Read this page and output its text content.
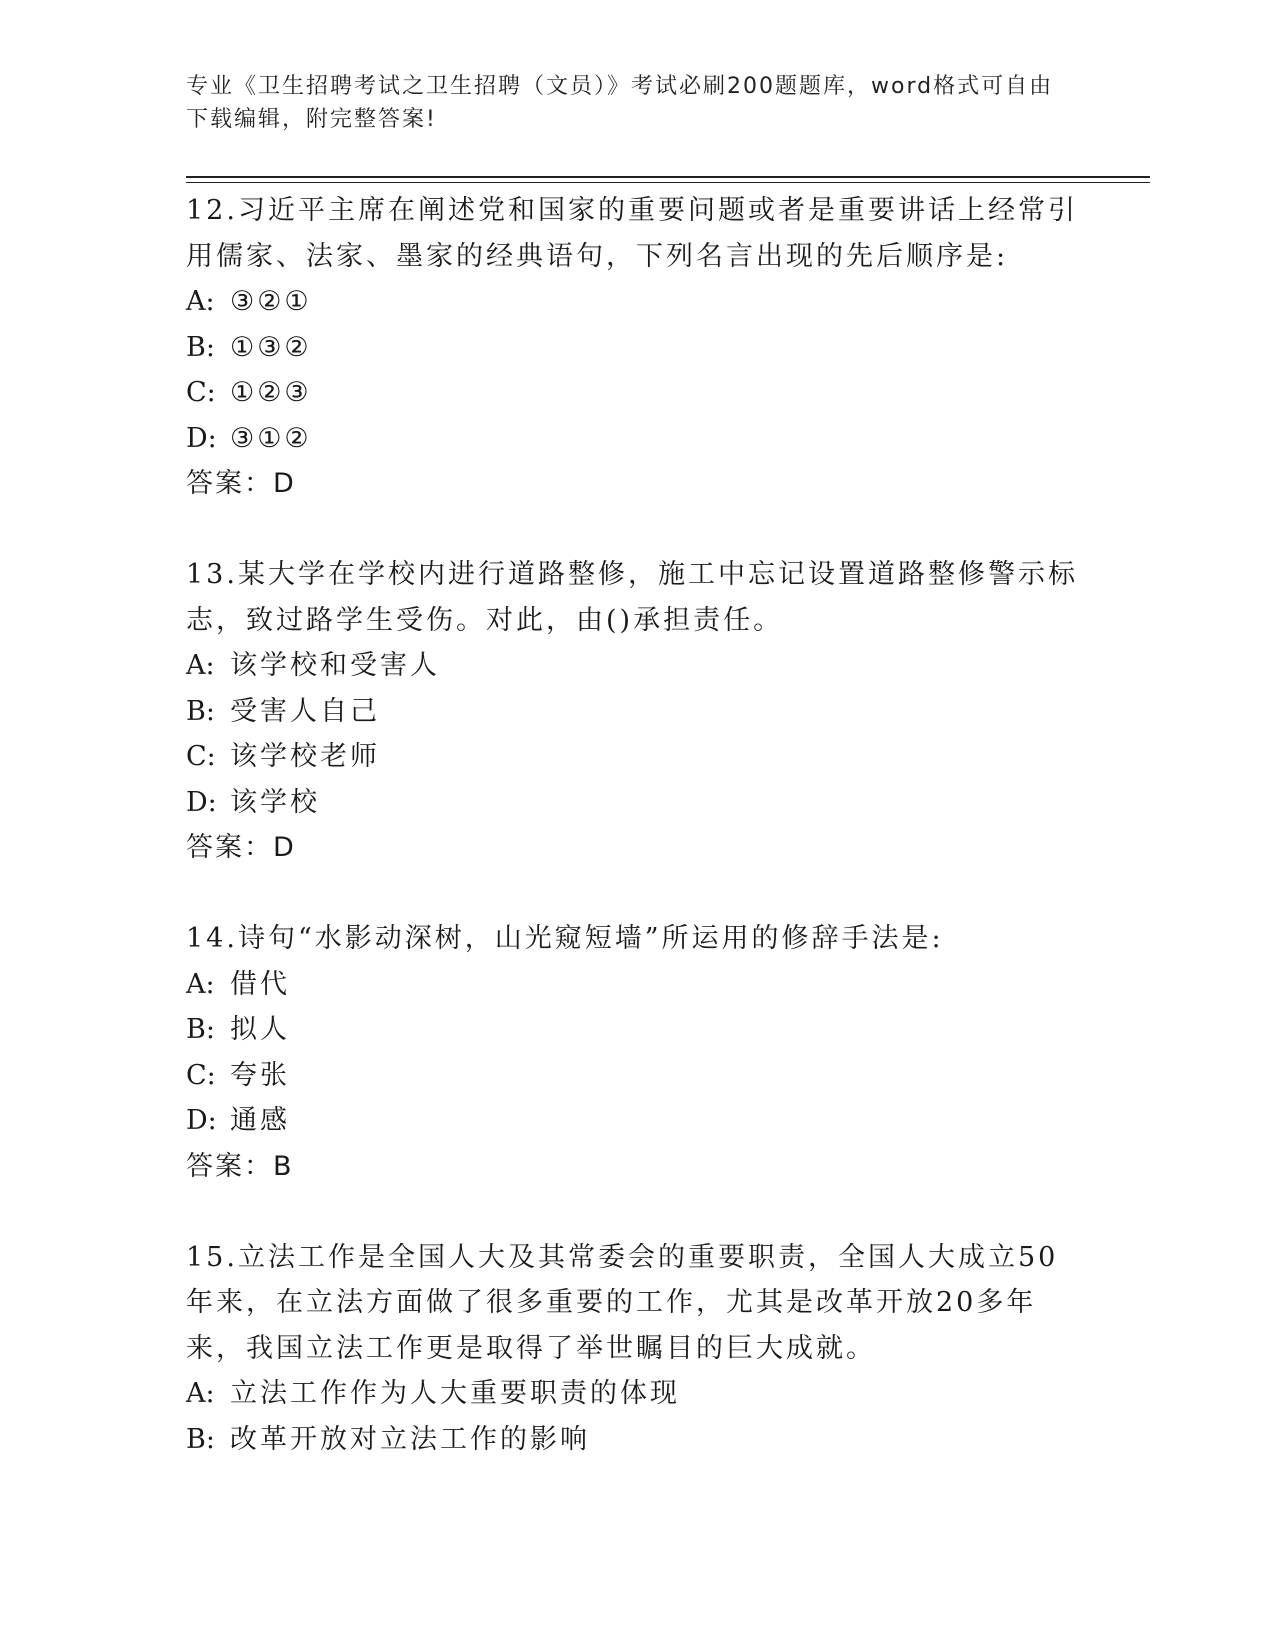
专业《卫生招聘考试之卫生招聘（文员）》考试必刷200题题库，word格式可自由下载编辑，附完整答案!

12.习近平主席在阐述党和国家的重要问题或者是重要讲话上经常引用儒家、法家、墨家的经典语句，下列名言出现的先后顺序是:

A: ③②①

B: ①③②

C: ①②③

D: ③①②

答案：D

13.某大学在学校内进行道路整修，施工中忘记设置道路整修警示标志，致过路学生受伤。对此，由()承担责任。

A: 该学校和受害人

B: 受害人自己

C: 该学校老师

D: 该学校

答案：D

14.诗句“水影动深树，山光窥短墙”所运用的修辞手法是:

A: 借代

B: 拟人

C: 夸张

D: 通感

答案：B

15.立法工作是全国人大及其常委会的重要职责，全国人大成立50年来，在立法方面做了很多重要的工作，尤其是改革开放20多年来，我国立法工作更是取得了举世瞩目的巨大成就。

A: 立法工作作为人大重要职责的体现

B: 改革开放对立法工作的影响
